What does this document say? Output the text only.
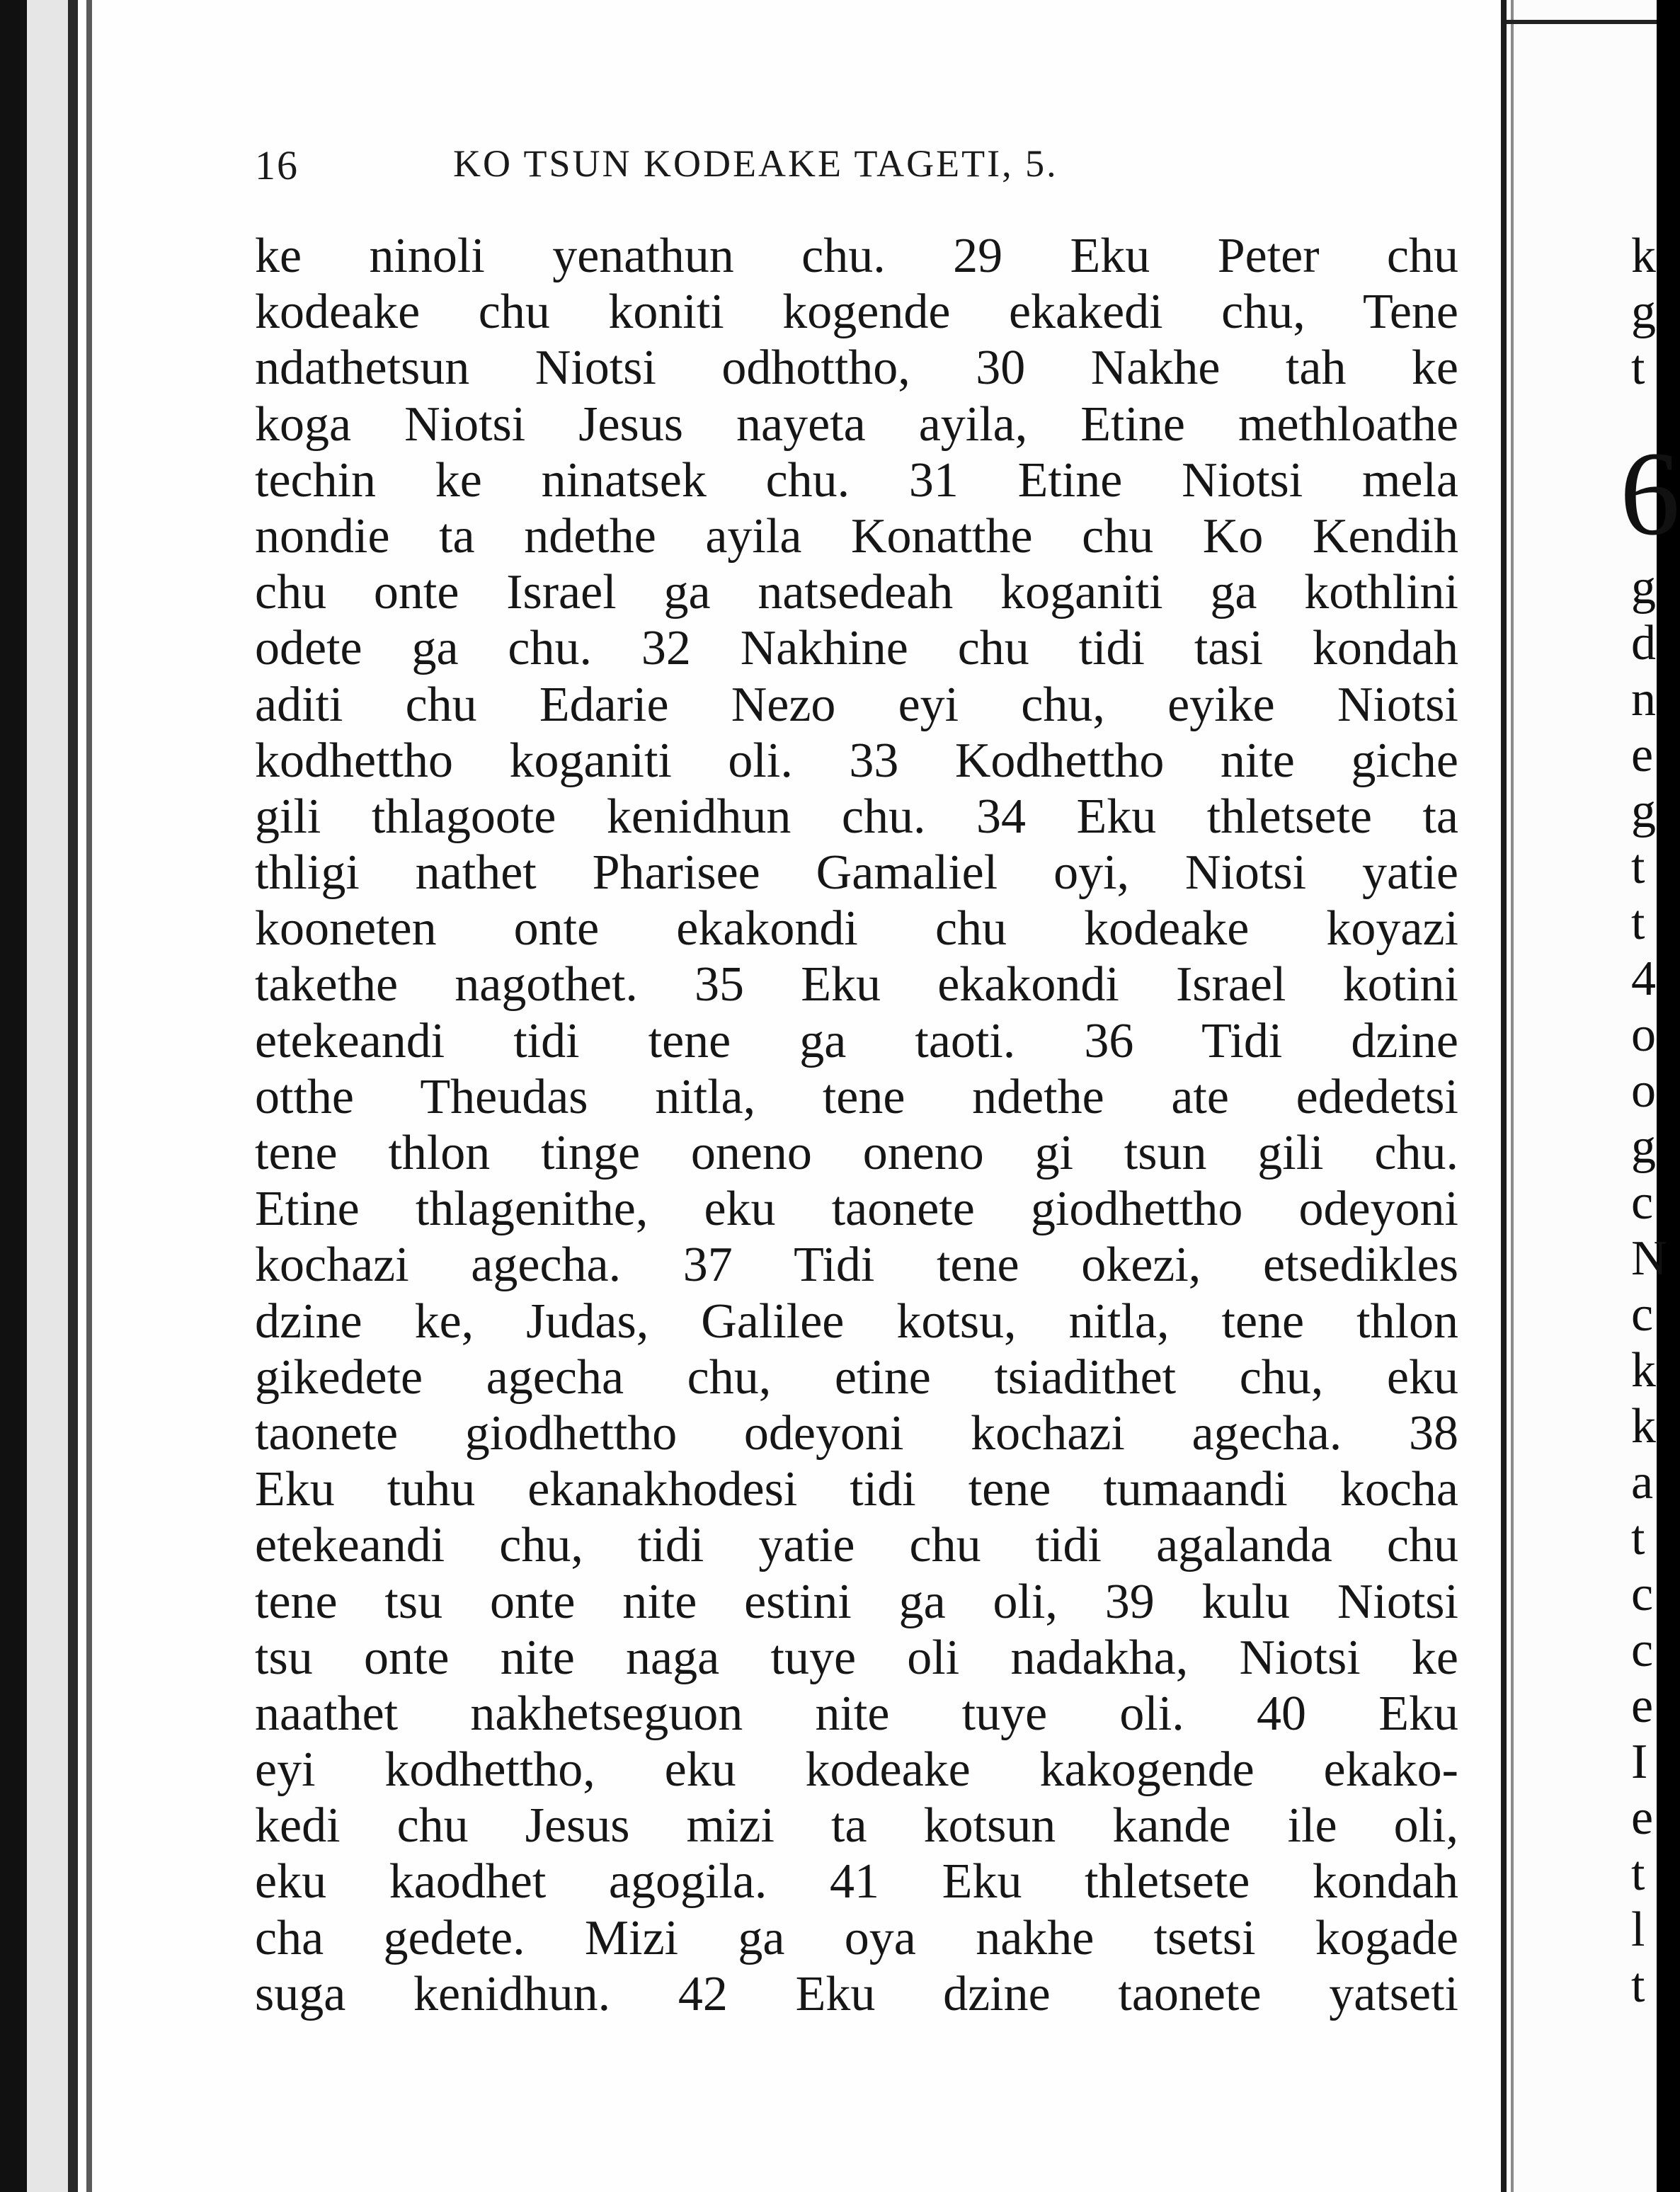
16	KO TSUN KODEAKE TAGETI, 5.
ke ninoli yenathun chu. 29 Eku Peter chu
kodeake chu koniti kogende ekakedi chu, Tene
ndathetsun Niotsi odhottho, 30 Nakhe tah ke
koga Niotsi Jesus nayeta ayila, Etine methloathe
techin ke ninatsek chu. 31 Etine Niotsi mela
nondie ta ndethe ayila Konatthe chu Ko Kendih
chu onte Israel ga natsedeah koganiti ga kothlini
odete ga chu. 32 Nakhine chu tidi tasi kondah
aditi chu Edarie Nezo eyi chu, eyike Niotsi
kodhettho koganiti oli. 33 Kodhettho nite giche
gili thlagoote kenidhun chu. 34 Eku thletsete ta
thligi nathet Pharisee Gamaliel oyi, Niotsi yatie
kooneten onte ekakondi chu kodeake koyazi
takethe nagothet. 35 Eku ekakondi Israel kotini
etekeandi tidi tene ga taoti. 36 Tidi dzine
otthe Theudas nitla, tene ndethe ate ededetsi
tene thlon tinge oneno oneno gi tsun gili chu.
Etine thlagenithe, eku taonete giodhettho odeyoni
kochazi agecha. 37 Tidi tene okezi, etsedikles
dzine ke, Judas, Galilee kotsu, nitla, tene thlon
gikedete agecha chu, etine tsiadithet chu, eku
taonete giodhettho odeyoni kochazi agecha. 38
Eku tuhu ekanakhodesi tidi tene tumaandi kocha
etekeandi chu, tidi yatie chu tidi agalanda chu
tene tsu onte nite estini ga oli, 39 kulu Niotsi
tsu onte nite naga tuye oli nadakha, Niotsi ke
naathet nakhetseguon nite tuye oli. 40 Eku
eyi kodhettho, eku kodeake kakogende ekako-
kedi chu Jesus mizi ta kotsun kande ile oli,
eku kaodhet agogila. 41 Eku thletsete kondah
cha gedete. Mizi ga oya nakhe tsetsi kogade
suga kenidhun. 42 Eku dzine taonete yatseti
k
g
t
6
g
d
n
e
g
t
t
4
o
o
g
c
N
c
k
k
a
t
c
c
e
I
e
t
l
t
